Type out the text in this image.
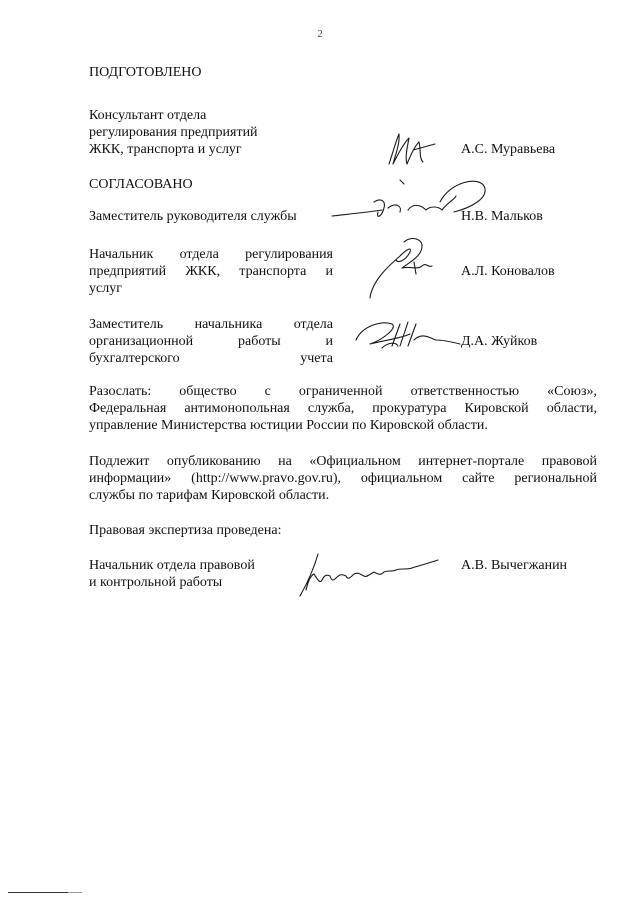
2
ПОДГОТОВЛЕНО
Консультант отдела
регулирования предприятий
ЖКК, транспорта и услуг	А.С. Муравьева
СОГЛАСОВАНО
Заместитель руководителя службы	Н.В. Мальков
Начальник отдела регулирования
предприятий ЖКК, транспорта и
услуг
А.Л. Коновалов
Заместитель начальника отдела
организационной работы и
бухгалтерского учета
Д.А. Жуйков
Разослать: общество с ограниченной ответственностью «Союз»,
Федеральная антимонопольная служба, прокуратура Кировской области,
управление Министерства юстиции России по Кировской области.
Подлежит опубликованию на «Официальном интернет-портале правовой
информации» (http://www.pravo.gov.ru), официальном сайте региональной
службы по тарифам Кировской области.
Правовая экспертиза проведена:
Начальник отдела правовой
и контрольной работы
А.В. Вычегжанин
